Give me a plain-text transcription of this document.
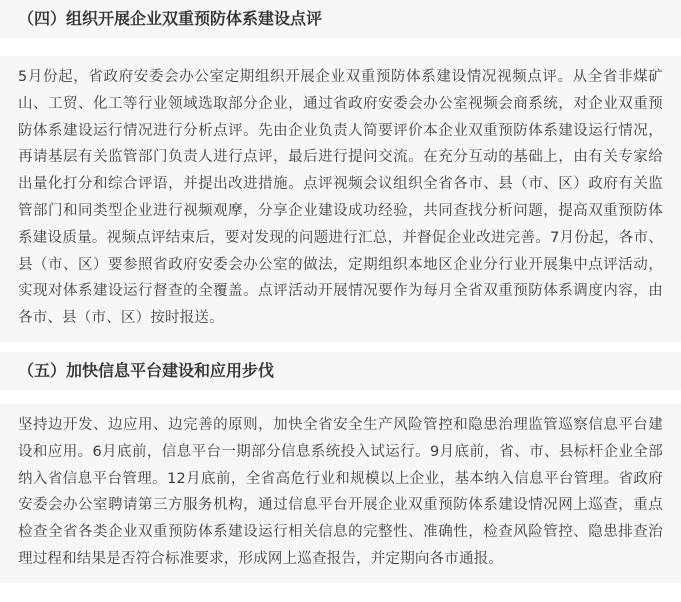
（四）组织开展企业双重预防体系建设点评

5月份起，省政府安委会办公室定期组织开展企业双重预防体系建设情况视频点评。从全省非煤矿山、工贸、化工等行业领域选取部分企业，通过省政府安委会办公室视频会商系统，对企业双重预防体系建设运行情况进行分析点评。先由企业负责人简要评价本企业双重预防体系建设运行情况，再请基层有关监管部门负责人进行点评，最后进行提问交流。在充分互动的基础上，由有关专家给出量化打分和综合评语，并提出改进措施。点评视频会议组织全省各市、县（市、区）政府有关监管部门和同类型企业进行视频观摩，分享企业建设成功经验，共同查找分析问题，提高双重预防体系建设质量。视频点评结束后，要对发现的问题进行汇总，并督促企业改进完善。7月份起，各市、县（市、区）要参照省政府安委会办公室的做法，定期组织本地区企业分行业开展集中点评活动，实现对体系建设运行督查的全覆盖。点评活动开展情况要作为每月全省双重预防体系调度内容，由各市、县（市、区）按时报送。

（五）加快信息平台建设和应用步伐

坚持边开发、边应用、边完善的原则，加快全省安全生产风险管控和隐患治理监管巡察信息平台建设和应用。6月底前，信息平台一期部分信息系统投入试运行。9月底前，省、市、县标杆企业全部纳入省信息平台管理。12月底前，全省高危行业和规模以上企业，基本纳入信息平台管理。省政府安委会办公室聘请第三方服务机构，通过信息平台开展企业双重预防体系建设情况网上巡查，重点检查全省各类企业双重预防体系建设运行相关信息的完整性、准确性，检查风险管控、隐患排查治理过程和结果是否符合标准要求，形成网上巡查报告，并定期向各市通报。
